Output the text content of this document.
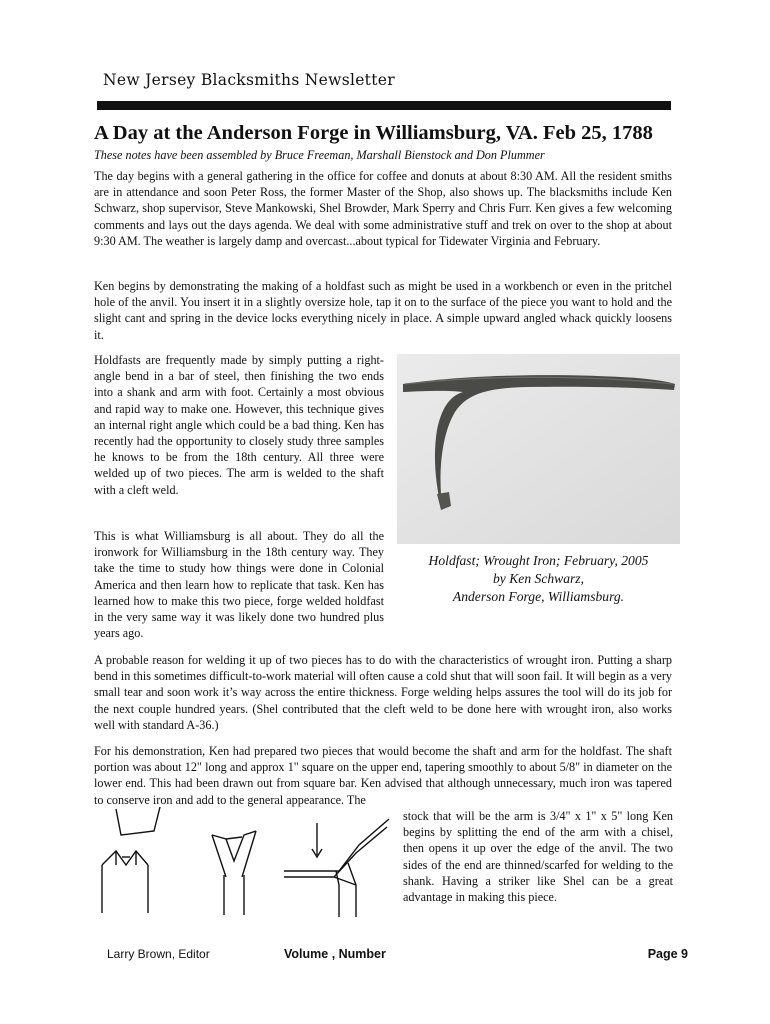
New Jersey Blacksmiths Newsletter
A Day at the Anderson Forge in Williamsburg, VA. Feb 25, 1788

These notes have been assembled by Bruce Freeman, Marshall Bienstock and Don Plummer

The day begins with a general gathering in the office for coffee and donuts at about 8:30 AM. All the resident smiths are in attendance and soon Peter Ross, the former Master of the Shop, also shows up. The blacksmiths include Ken Schwarz, shop supervisor, Steve Mankowski, Shel Browder, Mark Sperry and Chris Furr. Ken gives a few welcoming comments and lays out the days agenda. We deal with some administrative stuff and trek on over to the shop at about 9:30 AM. The weather is largely damp and overcast...about typical for Tidewater Virginia and February.

Ken begins by demonstrating the making of a holdfast such as might be used in a workbench or even in the pritchel hole of the anvil. You insert it in a slightly oversize hole, tap it on to the surface of the piece you want to hold and the slight cant and spring in the device locks everything nicely in place. A simple upward angled whack quickly loosens it.

Holdfasts are frequently made by simply putting a right-angle bend in a bar of steel, then finishing the two ends into a shank and arm with foot. Certainly a most obvious and rapid way to make one. However, this technique gives an internal right angle which could be a bad thing. Ken has recently had the opportunity to closely study three samples he knows to be from the 18th century. All three were welded up of two pieces. The arm is welded to the shaft with a cleft weld.

This is what Williamsburg is all about. They do all the ironwork for Williamsburg in the 18th century way. They take the time to study how things were done in Colonial America and then learn how to replicate that task. Ken has learned how to make this two piece, forge welded holdfast in the very same way it was likely done two hundred plus years ago.

Holdfast; Wrought Iron; February, 2005
by Ken Schwarz,
Anderson Forge, Williamsburg.

A probable reason for welding it up of two pieces has to do with the characteristics of wrought iron. Putting a sharp bend in this sometimes difficult-to-work material will often cause a cold shut that will soon fail. It will begin as a very small tear and soon work it’s way across the entire thickness. Forge welding helps assures the tool will do its job for the next couple hundred years. (Shel contributed that the cleft weld to be done here with wrought iron, also works well with standard A-36.)

For his demonstration, Ken had prepared two pieces that would become the shaft and arm for the holdfast. The shaft portion was about 12" long and approx 1" square on the upper end, tapering smoothly to about 5/8" in diameter on the lower end. This had been drawn out from square bar. Ken advised that although unnecessary, much iron was tapered to conserve iron and add to the general appearance. The

stock that will be the arm is 3/4" x 1" x 5" long Ken begins by splitting the end of the arm with a chisel, then opens it up over the edge of the anvil. The two sides of the end are thinned/scarfed for welding to the shank. Having a striker like Shel can be a great advantage in making this piece.

Larry Brown, Editor	Volume , Number	Page 9
